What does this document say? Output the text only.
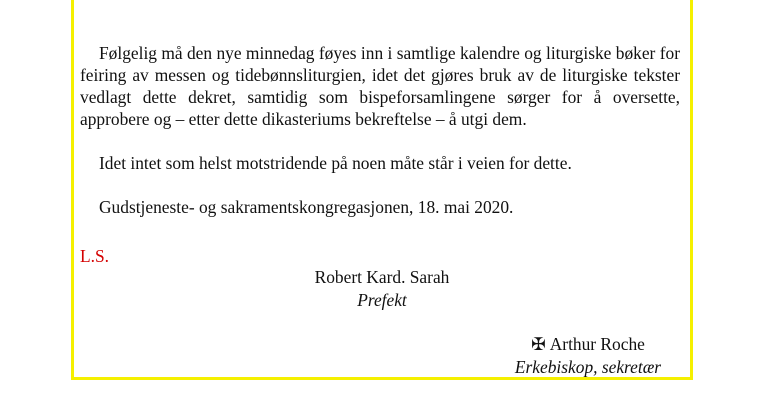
Følgelig må den nye minnedag føyes inn i samtlige kalendre og liturgiske bøker for feiring av messen og tidebønnsliturgien, idet det gjøres bruk av de liturgiske tekster vedlagt dette dekret, samtidig som bispeforsamlingene sørger for å oversette, approbere og – etter dette dikasteriums bekreftelse – å utgi dem.

Idet intet som helst motstridende på noen måte står i veien for dette.

Gudstjeneste- og sakramentskongregasjonen, 18. mai 2020.

L.S.
Robert Kard. Sarah
Prefekt
✠ Arthur Roche
Erkebiskop, sekretær
